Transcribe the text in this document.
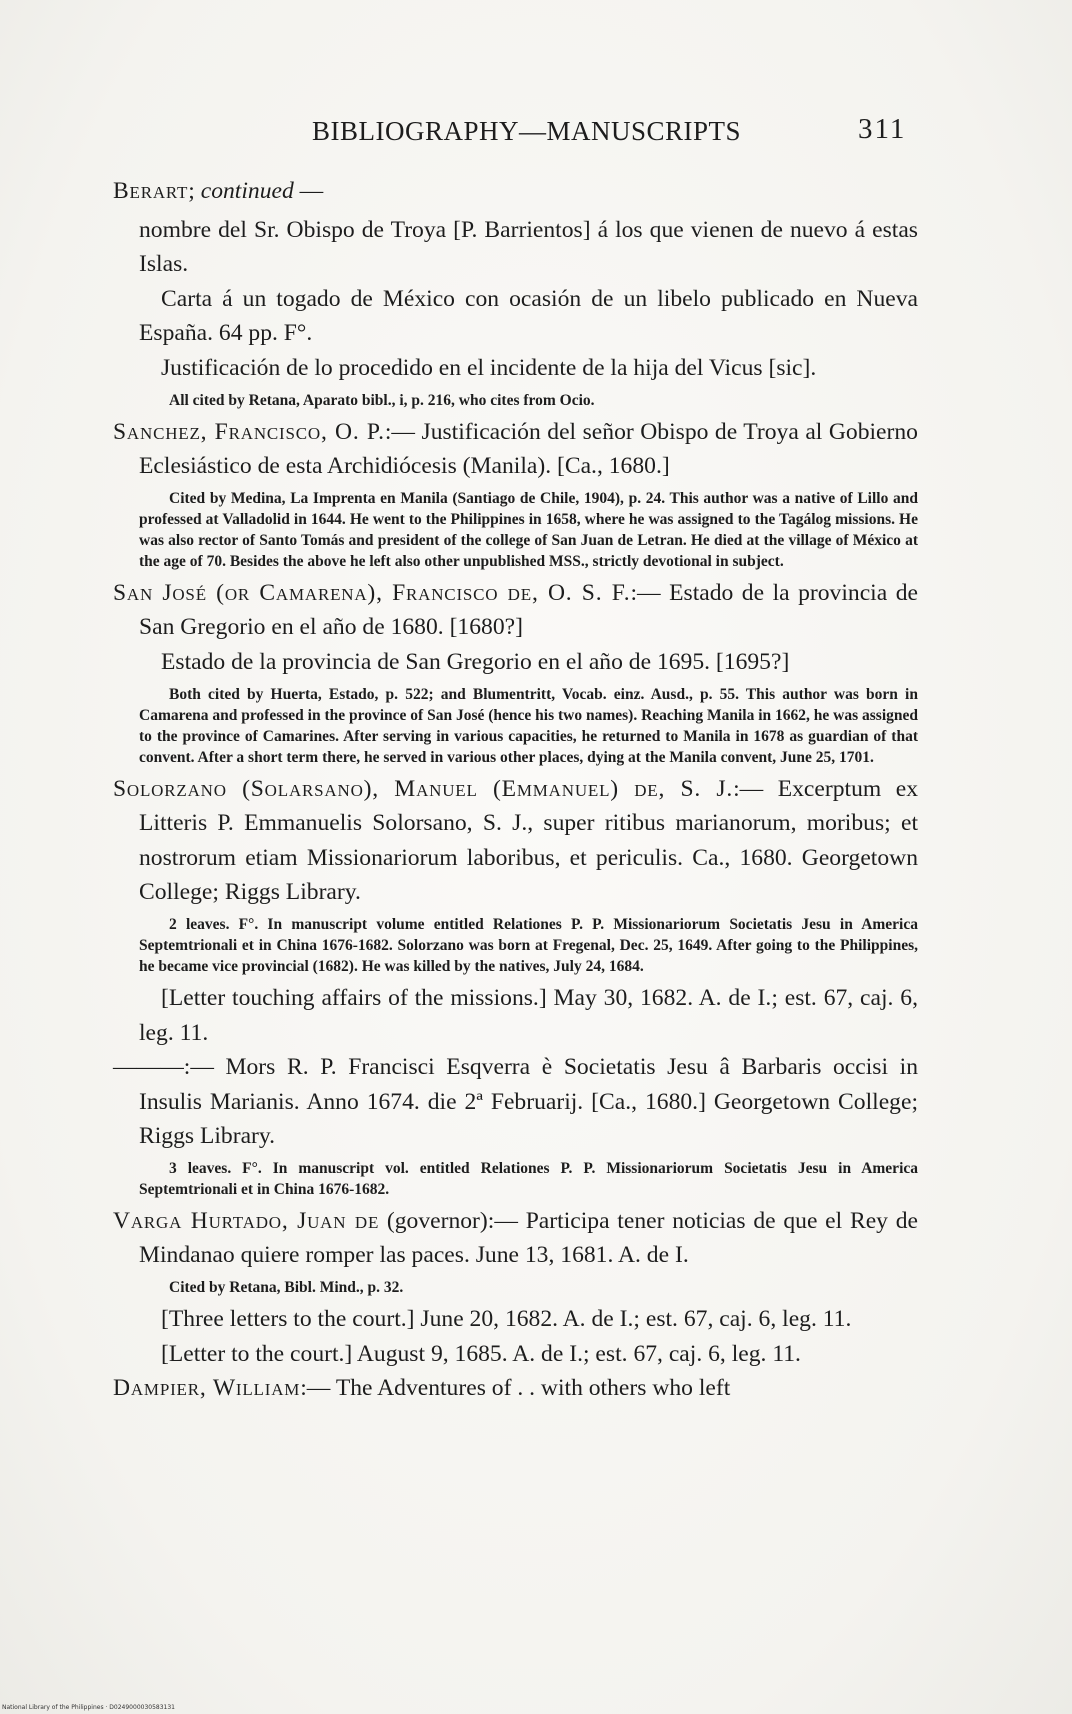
BIBLIOGRAPHY—MANUSCRIPTS	311

Berart; continued —

nombre del Sr. Obispo de Troya [P. Barrientos] á los que vienen de nuevo á estas Islas.

Carta á un togado de México con ocasión de un libelo publicado en Nueva España. 64 pp. F°.

Justificación de lo procedido en el incidente de la hija del Vicus [sic].

All cited by Retana, Aparato bibl., i, p. 216, who cites from Ocio.

Sanchez, Francisco, O. P.:— Justificación del señor Obispo de Troya al Gobierno Eclesiástico de esta Archidiócesis (Manila). [Ca., 1680.]

Cited by Medina, La Imprenta en Manila (Santiago de Chile, 1904), p. 24. This author was a native of Lillo and professed at Valladolid in 1644. He went to the Philippines in 1658, where he was assigned to the Tagálog missions. He was also rector of Santo Tomás and president of the college of San Juan de Letran. He died at the village of México at the age of 70. Besides the above he left also other unpublished MSS., strictly devotional in subject.

San José (or Camarena), Francisco de, O. S. F.:— Estado de la provincia de San Gregorio en el año de 1680. [1680?]

Estado de la provincia de San Gregorio en el año de 1695. [1695?]

Both cited by Huerta, Estado, p. 522; and Blumentritt, Vocab. einz. Ausd., p. 55. This author was born in Camarena and professed in the province of San José (hence his two names). Reaching Manila in 1662, he was assigned to the province of Camarines. After serving in various capacities, he returned to Manila in 1678 as guardian of that convent. After a short term there, he served in various other places, dying at the Manila convent, June 25, 1701.

Solorzano (Solarsano), Manuel (Emmanuel) de, S. J.:— Excerptum ex Litteris P. Emmanuelis Solorsano, S. J., super ritibus marianorum, moribus; et nostrorum etiam Missionariorum laboribus, et periculis. Ca., 1680. Georgetown College; Riggs Library.

2 leaves. F°. In manuscript volume entitled Relationes P. P. Missionariorum Societatis Jesu in America Septemtrionali et in China 1676-1682. Solorzano was born at Fregenal, Dec. 25, 1649. After going to the Philippines, he became vice provincial (1682). He was killed by the natives, July 24, 1684.

[Letter touching affairs of the missions.] May 30, 1682. A. de I.; est. 67, caj. 6, leg. 11.

———:— Mors R. P. Francisci Esqverra è Societatis Jesu â Barbaris occisi in Insulis Marianis. Anno 1674. die 2ª Februarij. [Ca., 1680.] Georgetown College; Riggs Library.

3 leaves. F°. In manuscript vol. entitled Relationes P. P. Missionariorum Societatis Jesu in America Septemtrionali et in China 1676-1682.

Varga Hurtado, Juan de (governor):— Participa tener noticias de que el Rey de Mindanao quiere romper las paces. June 13, 1681. A. de I.

Cited by Retana, Bibl. Mind., p. 32.

[Three letters to the court.] June 20, 1682. A. de I.; est. 67, caj. 6, leg. 11.

[Letter to the court.] August 9, 1685. A. de I.; est. 67, caj. 6, leg. 11.

Dampier, William:— The Adventures of . . with others who left

National Library of the Philippines · D0249000030583131
